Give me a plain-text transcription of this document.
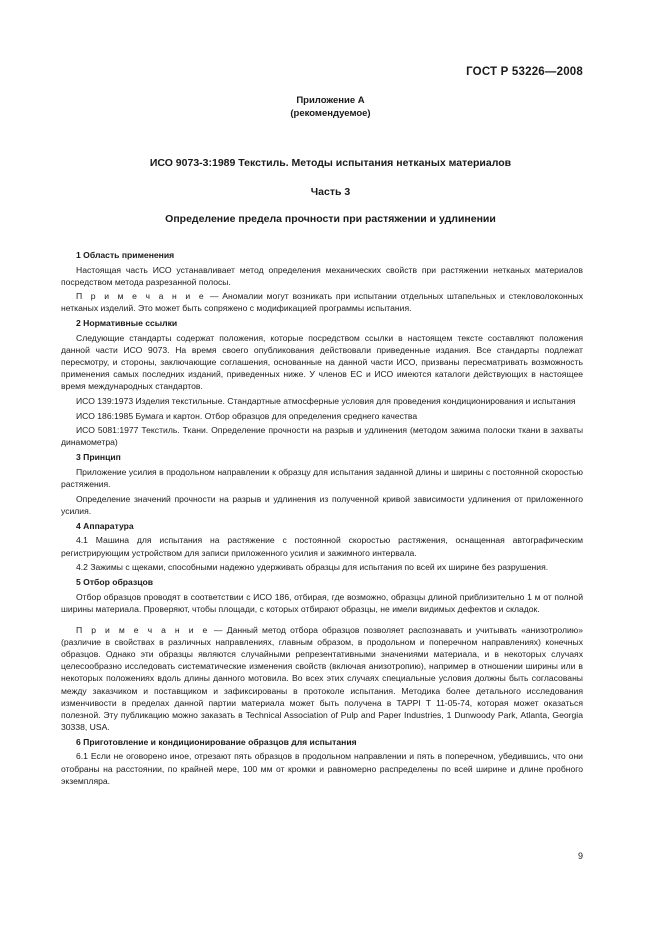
ГОСТ Р 53226—2008
Приложение А
(рекомендуемое)
ИСО 9073-3:1989 Текстиль. Методы испытания нетканых материалов
Часть 3
Определение предела прочности при растяжении и удлинении

1 Область применения

Настоящая часть ИСО устанавливает метод определения механических свойств при растяжении нетканых материалов посредством метода разрезанной полосы.

П р и м е ч а н и е — Аномалии могут возникать при испытании отдельных штапельных и стекловолоконных нетканых изделий. Это может быть сопряжено с модификацией программы испытания.

2 Нормативные ссылки

Следующие стандарты содержат положения, которые посредством ссылки в настоящем тексте составляют положения данной части ИСО 9073. На время своего опубликования действовали приведенные издания. Все стандарты подлежат пересмотру, и стороны, заключающие соглашения, основанные на данной части ИСО, призваны пересматривать возможность применения самых последних изданий, приведенных ниже. У членов ЕС и ИСО имеются каталоги действующих в настоящее время международных стандартов.

ИСО 139:1973 Изделия текстильные. Стандартные атмосферные условия для проведения кондиционирования и испытания

ИСО 186:1985 Бумага и картон. Отбор образцов для определения среднего качества

ИСО 5081:1977 Текстиль. Ткани. Определение прочности на разрыв и удлинения (методом зажима полоски ткани в захваты динамометра)

3 Принцип

Приложение усилия в продольном направлении к образцу для испытания заданной длины и ширины с постоянной скоростью растяжения.

Определение значений прочности на разрыв и удлинения из полученной кривой зависимости удлинения от приложенного усилия.

4 Аппаратура

4.1 Машина для испытания на растяжение с постоянной скоростью растяжения, оснащенная автографическим регистрирующим устройством для записи приложенного усилия и зажимного интервала.

4.2 Зажимы с щеками, способными надежно удерживать образцы для испытания по всей их ширине без разрушения.

5 Отбор образцов

Отбор образцов проводят в соответствии с ИСО 186, отбирая, где возможно, образцы длиной приблизительно 1 м от полной ширины материала. Проверяют, чтобы площади, с которых отбирают образцы, не имели видимых дефектов и складок.

П р и м е ч а н и е — Данный метод отбора образцов позволяет распознавать и учитывать «анизотролию» (различие в свойствах в различных направлениях, главным образом, в продольном и поперечном направлениях) конечных образцов. Однако эти образцы являются случайными репрезентативными значениями материала, и в некоторых случаях целесообразно исследовать систематические изменения свойств (включая анизотропию), например в отношении ширины или в некоторых положениях вдоль длины данного мотовила. Во всех этих случаях специальные условия должны быть согласованы между заказчиком и поставщиком и зафиксированы в протоколе испытания. Методика более детального исследования изменчивости в пределах данной партии материала может быть получена в TAPPI T 11-05-74, которая может оказаться полезной. Эту публикацию можно заказать в Technical Association of Pulp and Paper Industries, 1 Dunwoody Park, Atlanta, Georgia 30338, USA.

6 Приготовление и кондиционирование образцов для испытания

6.1 Если не оговорено иное, отрезают пять образцов в продольном направлении и пять в поперечном, убедившись, что они отобраны на расстоянии, по крайней мере, 100 мм от кромки и равномерно распределены по всей ширине и длине пробного экземпляра.

9
